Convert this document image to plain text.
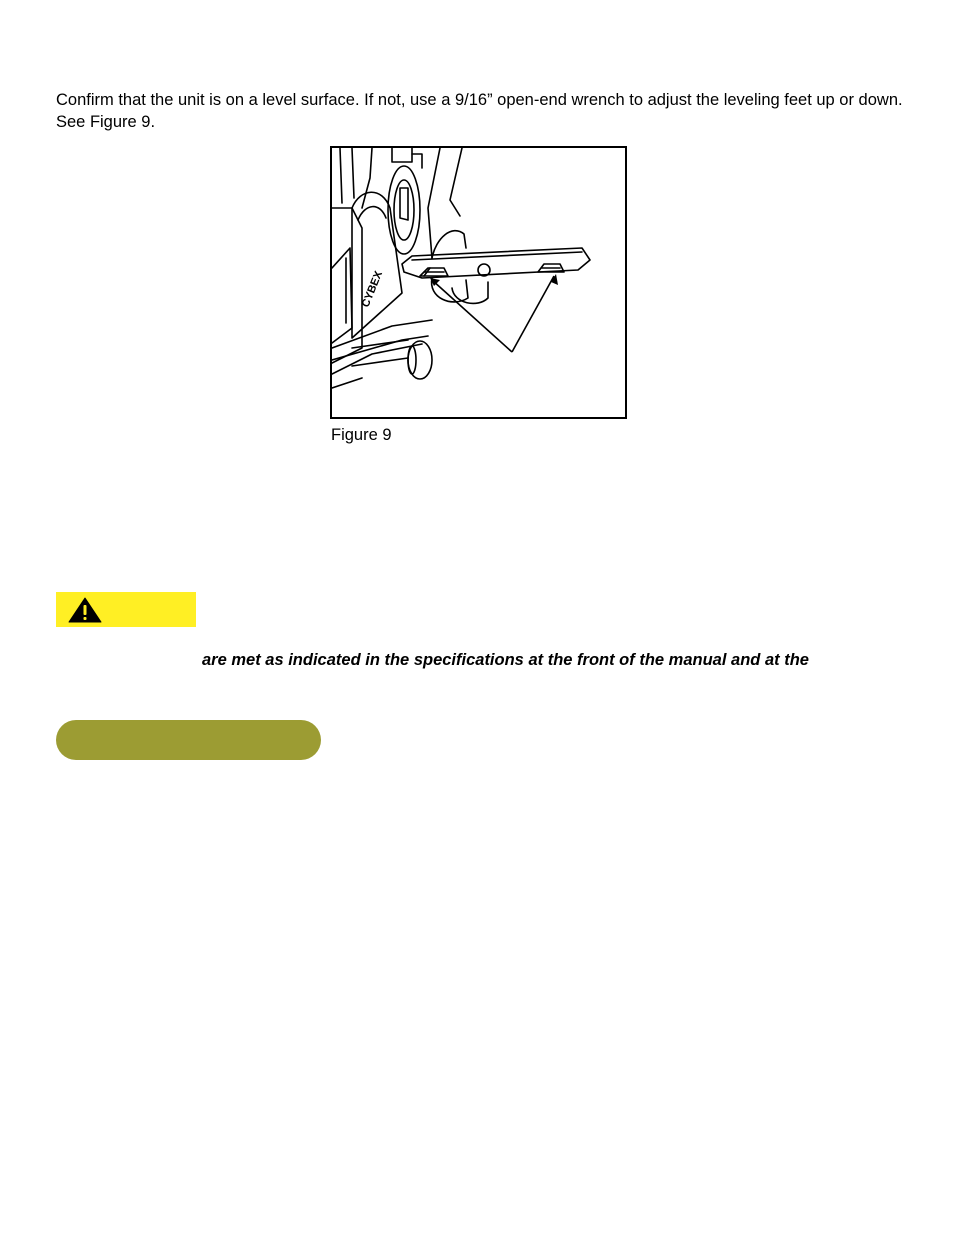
Confirm that the unit is on a level surface. If not, use a 9/16” open-end wrench to adjust the leveling feet up or down. See Figure 9.

CYBEX
Figure 9
are met as indicated in the specifications at the front of the manual and at the
